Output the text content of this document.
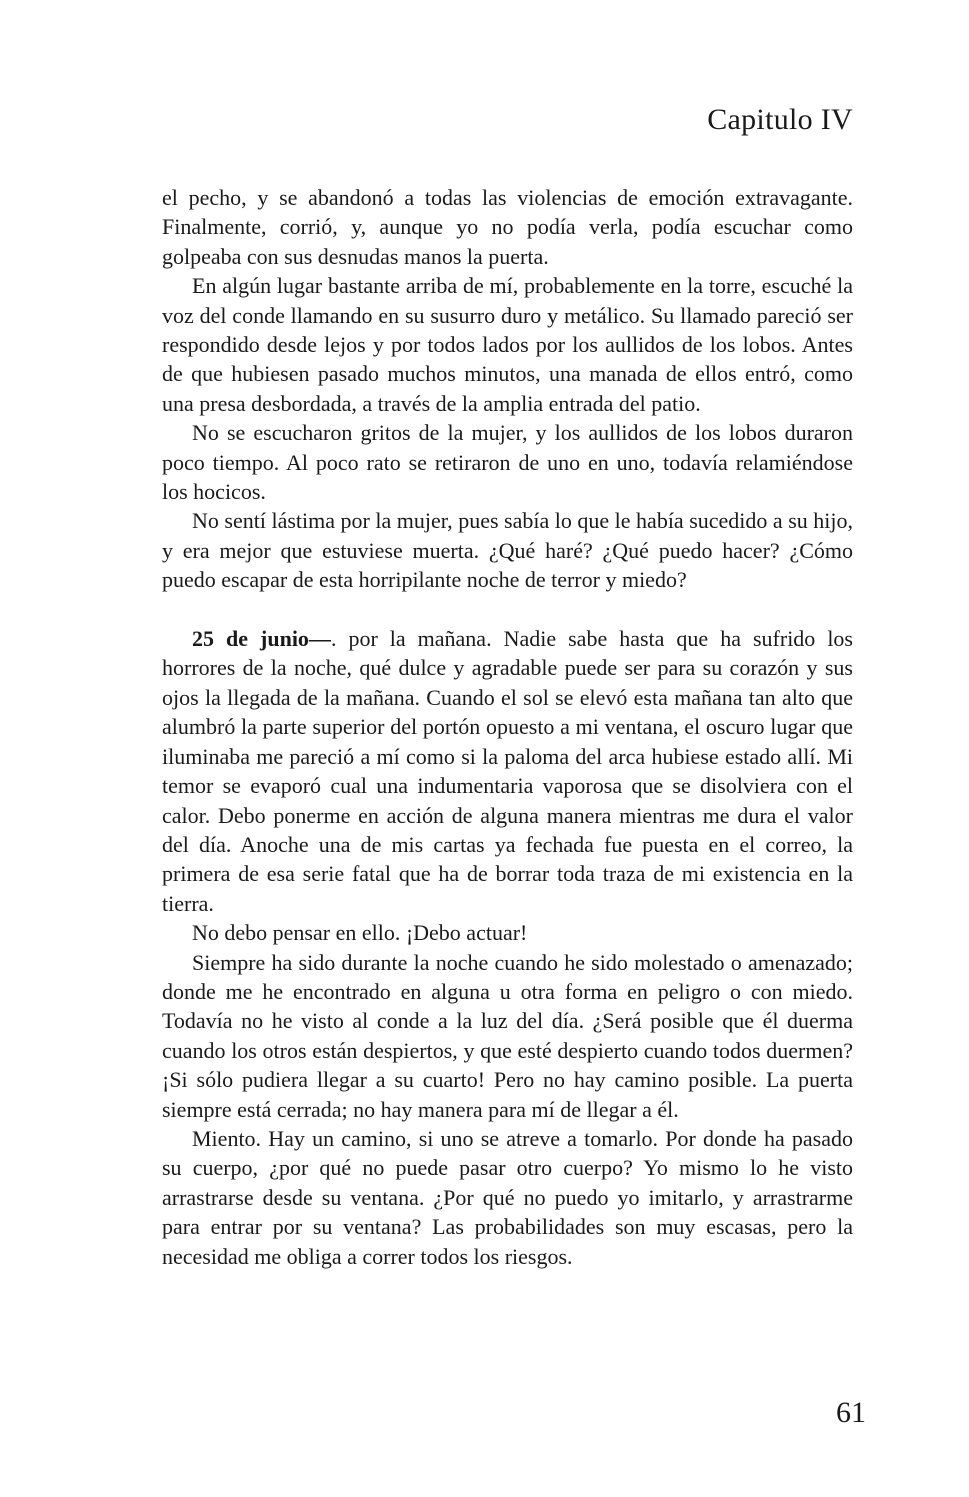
Capitulo IV

el pecho, y se abandonó a todas las violencias de emoción extravagante. Finalmente, corrió, y, aunque yo no podía verla, podía escuchar como golpeaba con sus desnudas manos la puerta.

En algún lugar bastante arriba de mí, probablemente en la torre, escuché la voz del conde llamando en su susurro duro y metálico. Su llamado pareció ser respondido desde lejos y por todos lados por los aullidos de los lobos. Antes de que hubiesen pasado muchos minutos, una manada de ellos entró, como una presa desbordada, a través de la amplia entrada del patio.

No se escucharon gritos de la mujer, y los aullidos de los lobos duraron poco tiempo. Al poco rato se retiraron de uno en uno, todavía relamiéndose los hocicos.

No sentí lástima por la mujer, pues sabía lo que le había sucedido a su hijo, y era mejor que estuviese muerta. ¿Qué haré? ¿Qué puedo hacer? ¿Cómo puedo escapar de esta horripilante noche de terror y miedo?

25 de junio—. por la mañana. Nadie sabe hasta que ha sufrido los horrores de la noche, qué dulce y agradable puede ser para su corazón y sus ojos la llegada de la mañana. Cuando el sol se elevó esta mañana tan alto que alumbró la parte superior del portón opuesto a mi ventana, el oscuro lugar que iluminaba me pareció a mí como si la paloma del arca hubiese estado allí. Mi temor se evaporó cual una indumentaria vaporosa que se disolviera con el calor. Debo ponerme en acción de alguna manera mientras me dura el valor del día. Anoche una de mis cartas ya fechada fue puesta en el correo, la primera de esa serie fatal que ha de borrar toda traza de mi existencia en la tierra.

No debo pensar en ello. ¡Debo actuar!

Siempre ha sido durante la noche cuando he sido molestado o amenazado; donde me he encontrado en alguna u otra forma en peligro o con miedo. Todavía no he visto al conde a la luz del día. ¿Será posible que él duerma cuando los otros están despiertos, y que esté despierto cuando todos duermen? ¡Si sólo pudiera llegar a su cuarto! Pero no hay camino posible. La puerta siempre está cerrada; no hay manera para mí de llegar a él.

Miento. Hay un camino, si uno se atreve a tomarlo. Por donde ha pasado su cuerpo, ¿por qué no puede pasar otro cuerpo? Yo mismo lo he visto arrastrarse desde su ventana. ¿Por qué no puedo yo imitarlo, y arrastrarme para entrar por su ventana? Las probabilidades son muy escasas, pero la necesidad me obliga a correr todos los riesgos.

61
